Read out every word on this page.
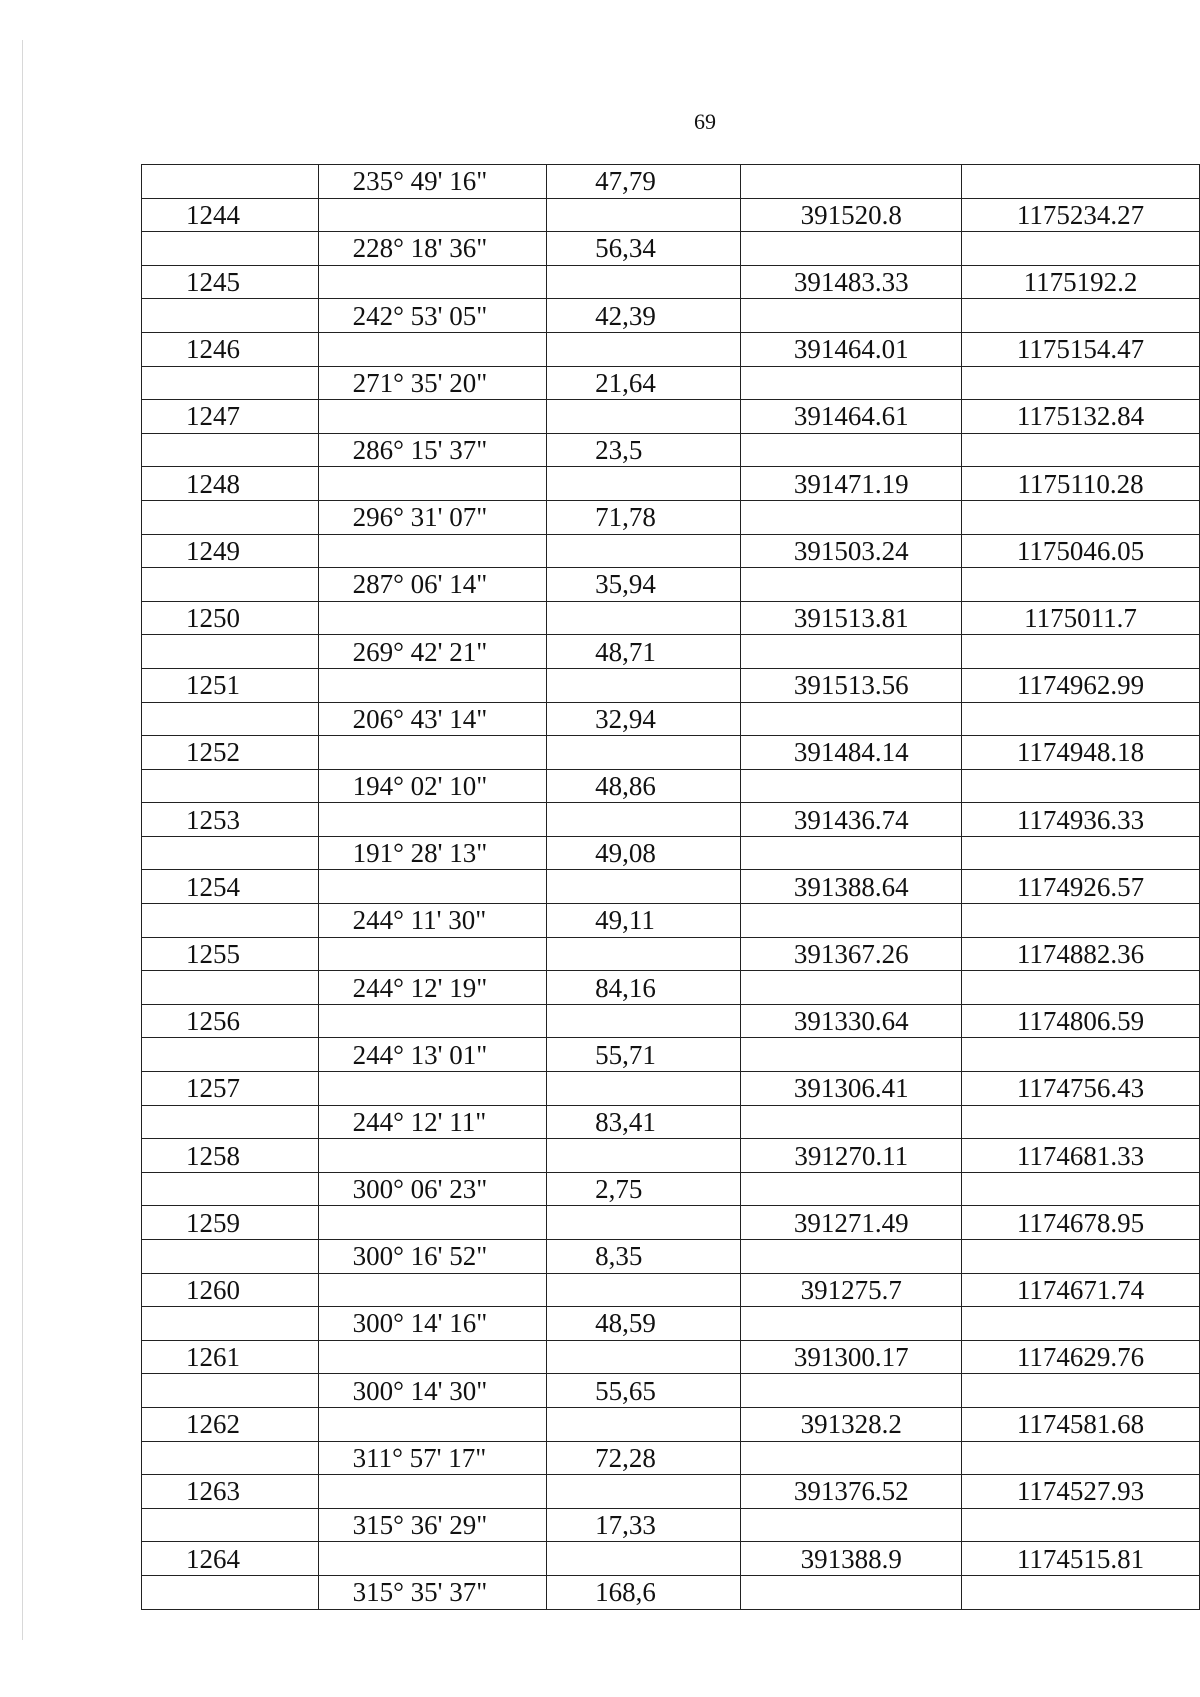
69
	235° 49' 16"	47,79		
1244			391520.8	1175234.27
	228° 18' 36"	56,34		
1245			391483.33	1175192.2
	242° 53' 05"	42,39		
1246			391464.01	1175154.47
	271° 35' 20"	21,64		
1247			391464.61	1175132.84
	286° 15' 37"	23,5		
1248			391471.19	1175110.28
	296° 31' 07"	71,78		
1249			391503.24	1175046.05
	287° 06' 14"	35,94		
1250			391513.81	1175011.7
	269° 42' 21"	48,71		
1251			391513.56	1174962.99
	206° 43' 14"	32,94		
1252			391484.14	1174948.18
	194° 02' 10"	48,86		
1253			391436.74	1174936.33
	191° 28' 13"	49,08		
1254			391388.64	1174926.57
	244° 11' 30"	49,11		
1255			391367.26	1174882.36
	244° 12' 19"	84,16		
1256			391330.64	1174806.59
	244° 13' 01"	55,71		
1257			391306.41	1174756.43
	244° 12' 11"	83,41		
1258			391270.11	1174681.33
	300° 06' 23"	2,75		
1259			391271.49	1174678.95
	300° 16' 52"	8,35		
1260			391275.7	1174671.74
	300° 14' 16"	48,59		
1261			391300.17	1174629.76
	300° 14' 30"	55,65		
1262			391328.2	1174581.68
	311° 57' 17"	72,28		
1263			391376.52	1174527.93
	315° 36' 29"	17,33		
1264			391388.9	1174515.81
	315° 35' 37"	168,6		
